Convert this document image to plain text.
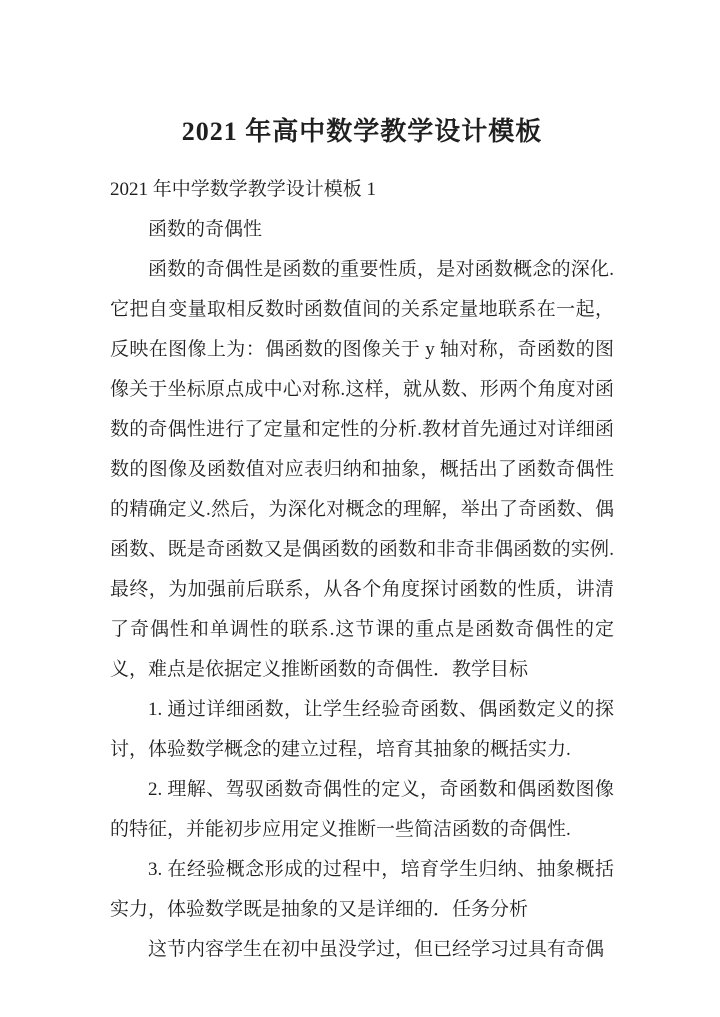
2021 年高中数学教学设计模板

2021 年中学数学教学设计模板 1

函数的奇偶性

函数的奇偶性是函数的重要性质，是对函数概念的深化.它把自变量取相反数时函数值间的关系定量地联系在一起，反映在图像上为：偶函数的图像关于 y 轴对称，奇函数的图像关于坐标原点成中心对称.这样，就从数、形两个角度对函数的奇偶性进行了定量和定性的分析.教材首先通过对详细函数的图像及函数值对应表归纳和抽象，概括出了函数奇偶性的精确定义.然后，为深化对概念的理解，举出了奇函数、偶函数、既是奇函数又是偶函数的函数和非奇非偶函数的实例.最终，为加强前后联系，从各个角度探讨函数的性质，讲清了奇偶性和单调性的联系.这节课的重点是函数奇偶性的定义，难点是依据定义推断函数的奇偶性．教学目标

1. 通过详细函数，让学生经验奇函数、偶函数定义的探讨，体验数学概念的建立过程，培育其抽象的概括实力.

2. 理解、驾驭函数奇偶性的定义，奇函数和偶函数图像的特征，并能初步应用定义推断一些简洁函数的奇偶性.

3. 在经验概念形成的过程中，培育学生归纳、抽象概括实力，体验数学既是抽象的又是详细的．任务分析

这节内容学生在初中虽没学过，但已经学习过具有奇偶
